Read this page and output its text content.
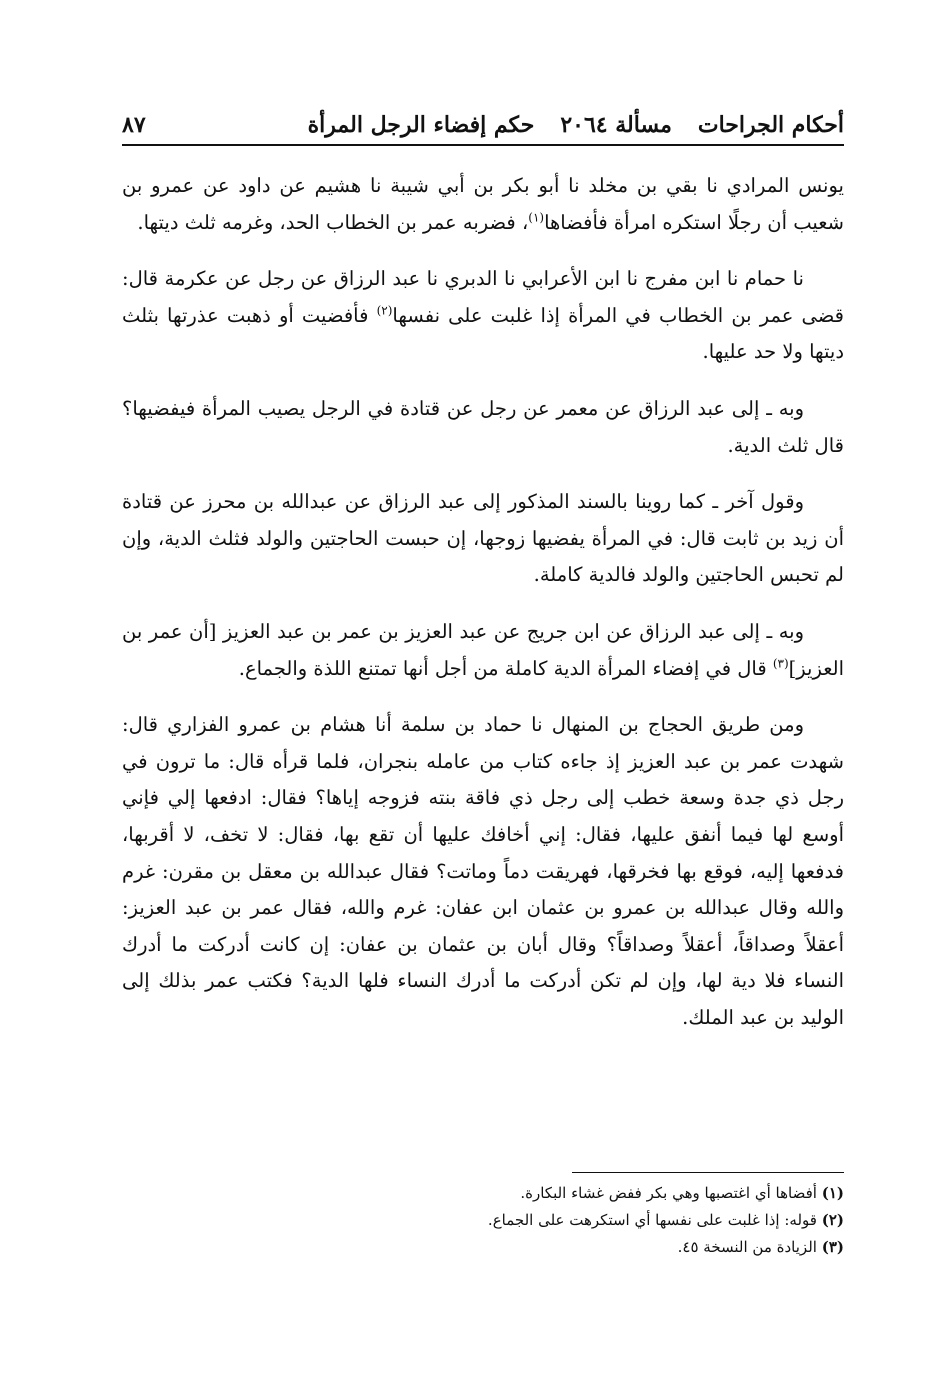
أحكام الجراحات
مسألة ٢٠٦٤
حكم إفضاء الرجل المرأة
٨٧

يونس المرادي نا بقي بن مخلد نا أبو بكر بن أبي شيبة نا هشيم عن داود عن عمرو بن شعيب أن رجلًا استكره امرأة فأفضاها$^{(١)}$، فضربه عمر بن الخطاب الحد، وغرمه ثلث ديتها.

نا حمام نا ابن مفرج نا ابن الأعرابي نا الدبري نا عبد الرزاق عن رجل عن عكرمة قال: قضى عمر بن الخطاب في المرأة إذا غلبت على نفسها$^{(٢)}$ فأفضيت أو ذهبت عذرتها بثلث ديتها ولا حد عليها.

وبه ـ إلى عبد الرزاق عن معمر عن رجل عن قتادة في الرجل يصيب المرأة فيفضيها؟ قال ثلث الدية.

وقول آخر ـ كما روينا بالسند المذكور إلى عبد الرزاق عن عبدالله بن محرز عن قتادة أن زيد بن ثابت قال: في المرأة يفضيها زوجها، إن حبست الحاجتين والولد فثلث الدية، وإن لم تحبس الحاجتين والولد فالدية كاملة.

وبه ـ إلى عبد الرزاق عن ابن جريج عن عبد العزيز بن عمر بن عبد العزيز [أن عمر بن العزيز]$^{(٣)}$ قال في إفضاء المرأة الدية كاملة من أجل أنها تمتنع اللذة والجماع.

ومن طريق الحجاج بن المنهال نا حماد بن سلمة أنا هشام بن عمرو الفزاري قال: شهدت عمر بن عبد العزيز إذ جاءه كتاب من عامله بنجران، فلما قرأه قال: ما ترون في رجل ذي جدة وسعة خطب إلى رجل ذي فاقة بنته فزوجه إياها؟ فقال: ادفعها إلي فإني أوسع لها فيما أنفق عليها، فقال: إني أخافك عليها أن تقع بها، فقال: لا تخف، لا أقربها، فدفعها إليه، فوقع بها فخرقها، فهريقت دماً وماتت؟ فقال عبدالله بن معقل بن مقرن: غرم والله وقال عبدالله بن عمرو بن عثمان ابن عفان: غرم والله، فقال عمر بن عبد العزيز: أعقلاً وصداقاً، أعقلاً وصداقاً؟ وقال أبان بن عثمان بن عفان: إن كانت أدركت ما أدرك النساء فلا دية لها، وإن لم تكن أدركت ما أدرك النساء فلها الدية؟ فكتب عمر بذلك إلى الوليد بن عبد الملك.

(١) أفضاها أي اغتصبها وهي بكر ففض غشاء البكارة.
(٢) قوله: إذا غلبت على نفسها أي استكرهت على الجماع.
(٣) الزيادة من النسخة ٤٥.
